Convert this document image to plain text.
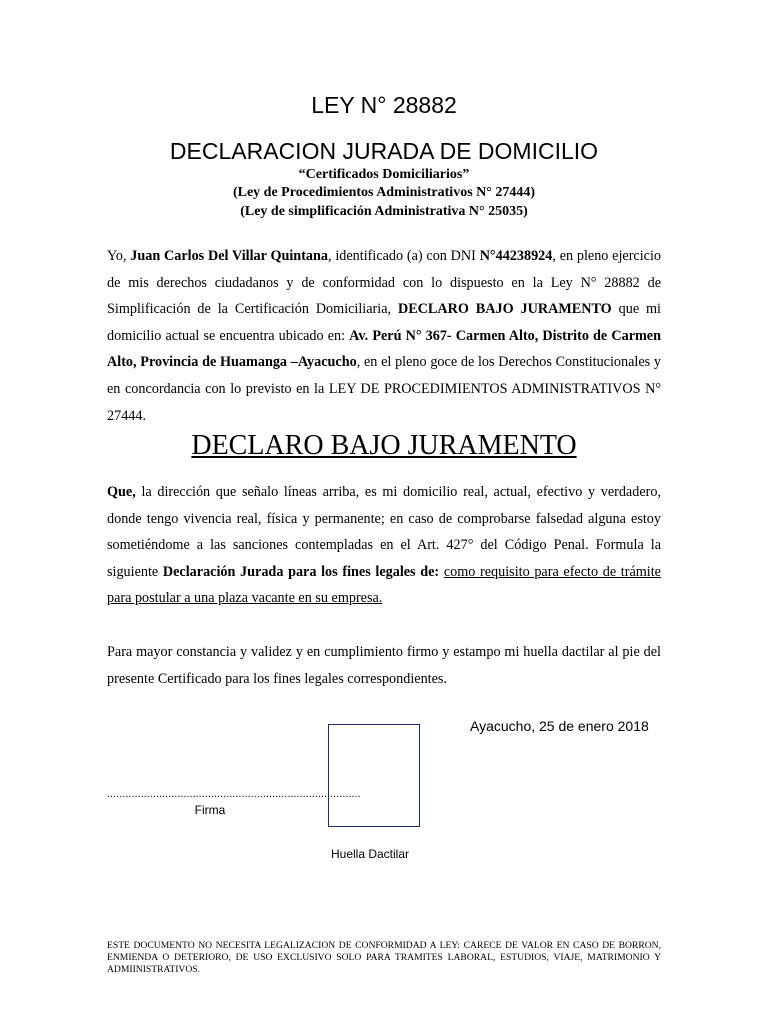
LEY N° 28882
DECLARACION JURADA DE DOMICILIO
“Certificados Domiciliarios”
(Ley de Procedimientos Administrativos N° 27444)
(Ley de simplificación Administrativa N° 25035)
Yo, Juan Carlos Del Villar Quintana, identificado (a) con DNI N°44238924, en pleno ejercicio de mis derechos ciudadanos y de conformidad con lo dispuesto en la Ley N° 28882 de Simplificación de la Certificación Domiciliaria, DECLARO BAJO JURAMENTO que mi domicilio actual se encuentra ubicado en: Av. Perú N° 367- Carmen Alto, Distrito de Carmen Alto, Provincia de Huamanga –Ayacucho, en el pleno goce de los Derechos Constitucionales y en concordancia con lo previsto en la LEY DE PROCEDIMIENTOS ADMINISTRATIVOS N° 27444.
DECLARO BAJO JURAMENTO
Que, la dirección que señalo líneas arriba, es mi domicilio real, actual, efectivo y verdadero, donde tengo vivencia real, física y permanente; en caso de comprobarse falsedad alguna estoy sometiéndome a las sanciones contempladas en el Art. 427° del Código Penal. Formula la siguiente Declaración Jurada para los fines legales de: como requisito para efecto de trámite para postular a una plaza vacante en su empresa.
Para mayor constancia y validez y en cumplimiento firmo y estampo mi huella dactilar al pie del presente Certificado para los fines legales correspondientes.
Ayacucho, 25 de enero 2018
...................................................................................
Firma
Huella Dactilar
ESTE DOCUMENTO NO NECESITA LEGALIZACION DE CONFORMIDAD A LEY: CARECE DE VALOR EN CASO DE BORRON, ENMIENDA O DETERIORO, DE USO EXCLUSIVO SOLO PARA TRAMITES LABORAL, ESTUDIOS, VIAJE, MATRIMONIO Y ADMIINISTRATIVOS.
